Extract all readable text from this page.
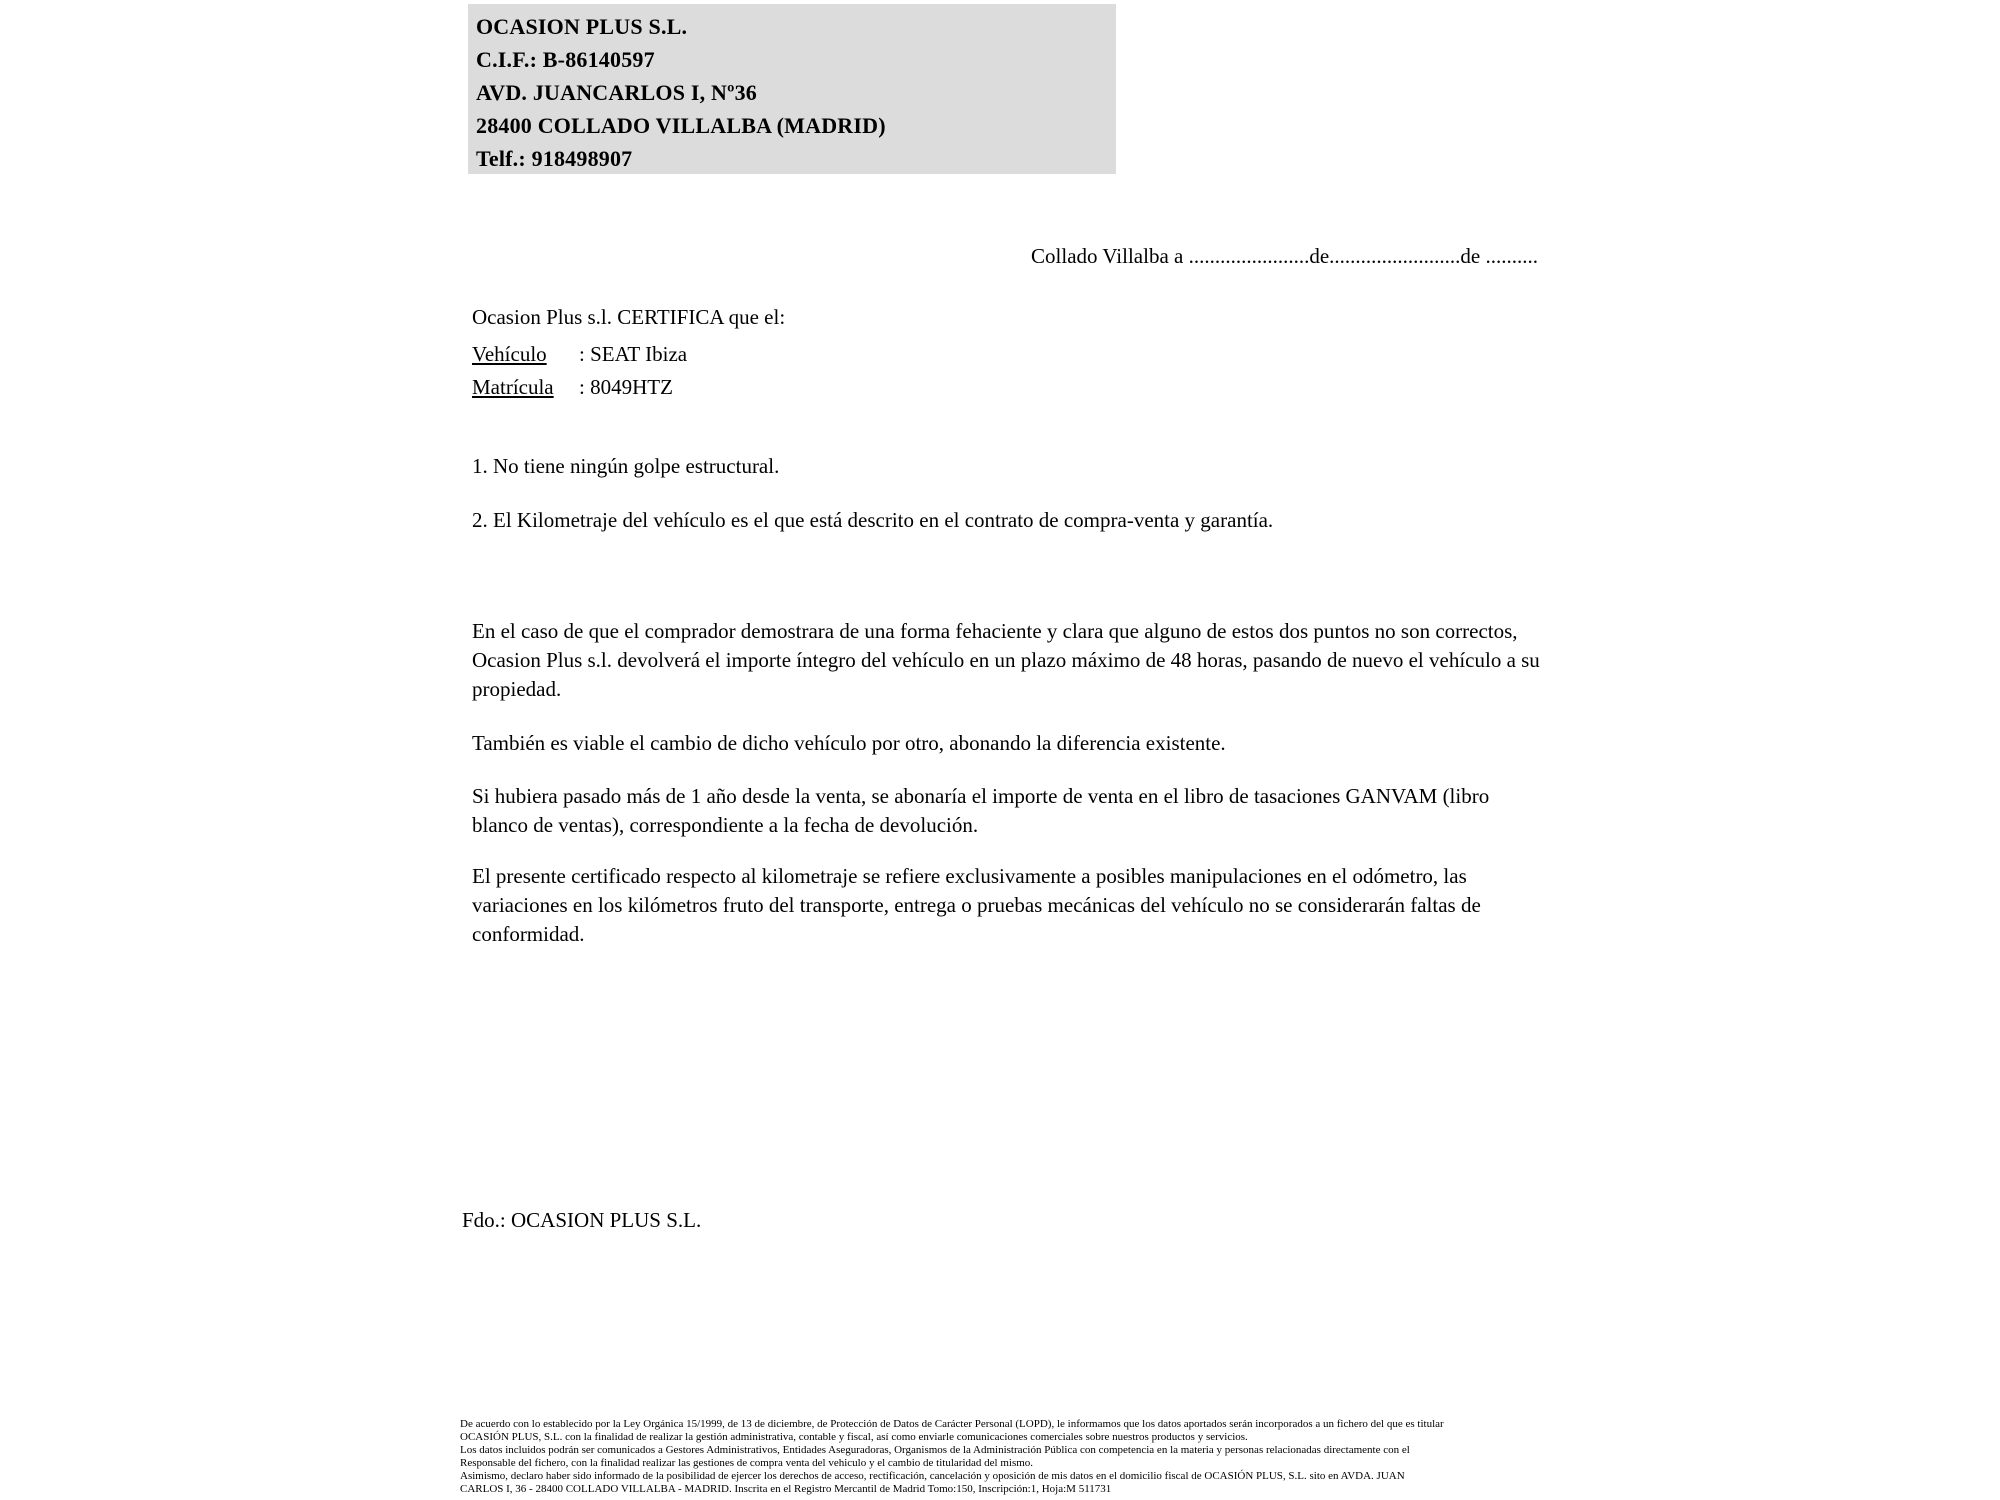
OCASION PLUS S.L.
C.I.F.: B-86140597
AVD. JUANCARLOS I, Nº36
28400 COLLADO VILLALBA (MADRID)
Telf.: 918498907
Collado Villalba a .......................de.........................de ..........
Ocasion Plus s.l. CERTIFICA que el:
Vehículo : SEAT Ibiza
Matrícula : 8049HTZ
1. No tiene ningún golpe estructural.
2. El Kilometraje del vehículo es el que está descrito en el contrato de compra-venta y garantía.
En el caso de que el comprador demostrara de una forma fehaciente y clara que alguno de estos dos puntos no son correctos, Ocasion Plus s.l. devolverá el importe íntegro del vehículo en un plazo máximo de 48 horas, pasando de nuevo el vehículo a su propiedad.
También es viable el cambio de dicho vehículo por otro, abonando la diferencia existente.
Si hubiera pasado más de 1 año desde la venta, se abonaría el importe de venta en el libro de tasaciones GANVAM (libro blanco de ventas), correspondiente a la fecha de devolución.
El presente certificado respecto al kilometraje se refiere exclusivamente a posibles manipulaciones en el odómetro, las variaciones en los kilómetros fruto del transporte, entrega o pruebas mecánicas del vehículo no se considerarán faltas de conformidad.
Fdo.: OCASION PLUS S.L.
De acuerdo con lo establecido por la Ley Orgánica 15/1999, de 13 de diciembre, de Protección de Datos de Carácter Personal (LOPD), le informamos que los datos aportados serán incorporados a un fichero del que es titular
OCASIÓN PLUS, S.L. con la finalidad de realizar la gestión administrativa, contable y fiscal, así como enviarle comunicaciones comerciales sobre nuestros productos y servicios.
Los datos incluidos podrán ser comunicados a Gestores Administrativos, Entidades Aseguradoras, Organismos de la Administración Pública con competencia en la materia y personas relacionadas directamente con el
Responsable del fichero, con la finalidad realizar las gestiones de compra venta del vehiculo y el cambio de titularidad del mismo.
Asimismo, declaro haber sido informado de la posibilidad de ejercer los derechos de acceso, rectificación, cancelación y oposición de mis datos en el domicilio fiscal de OCASIÓN PLUS, S.L. sito en AVDA. JUAN
CARLOS I, 36 - 28400 COLLADO VILLALBA - MADRID. Inscrita en el Registro Mercantil de Madrid Tomo:150, Inscripción:1, Hoja:M 511731
